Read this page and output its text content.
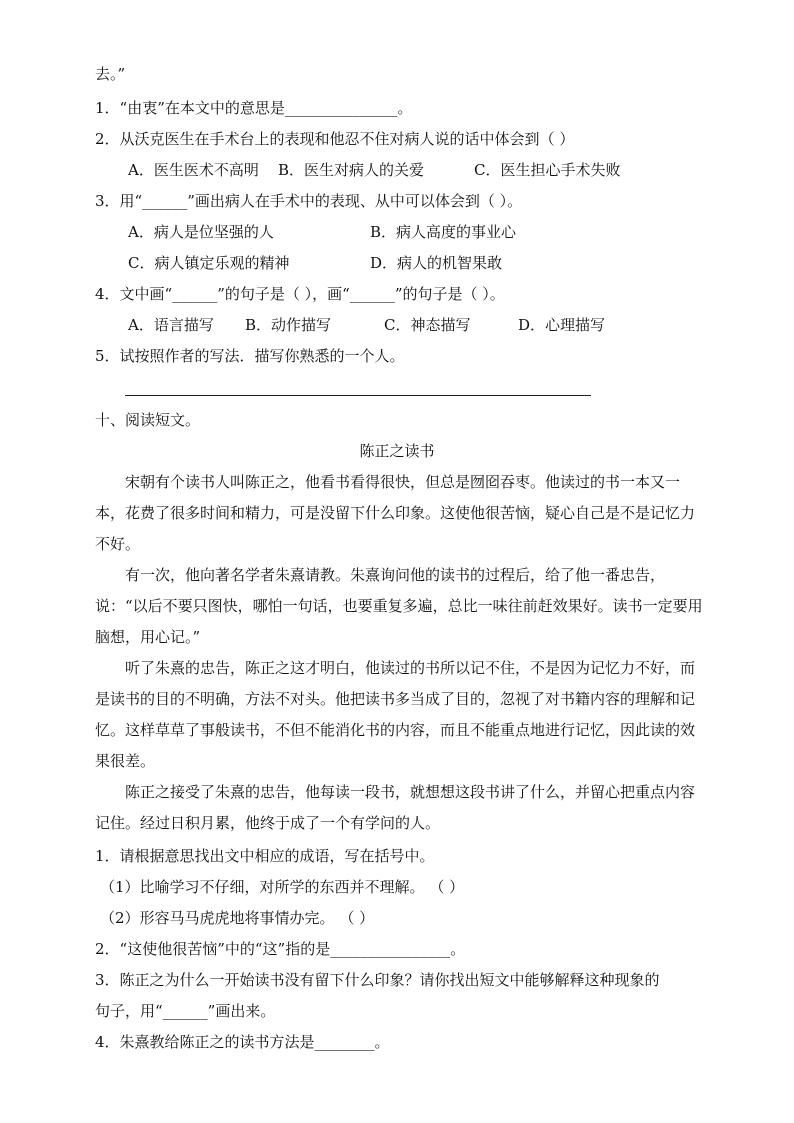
去。”
1．“由衷”在本文中的意思是_______________。
2．从沃克医生在手术台上的表现和他忍不住对病人说的话中体会到（ ）
A．医生医术不高明 B．医生对病人的关爱	C．医生担心手术失败
3．用“______”画出病人在手术中的表现、从中可以体会到（ ）。
A．病人是位坚强的人	B．病人高度的事业心
C．病人镇定乐观的精神	D．病人的机智果敢
4．文中画“______”的句子是（ ），画“______”的句子是（ ）。
A．语言描写 B．动作描写	C．神态描写	D．心理描写
5．试按照作者的写法．描写你熟悉的一个人。
十、阅读短文。
陈正之读书
宋朝有个读书人叫陈正之，他看书看得很快，但总是囫囵吞枣。他读过的书一本又一本，花费了很多时间和精力，可是没留下什么印象。这使他很苦恼，疑心自己是不是记忆力不好。
有一次，他向著名学者朱熹请教。朱熹询问他的读书的过程后，给了他一番忠告，说：“以后不要只图快，哪怕一句话，也要重复多遍，总比一味往前赶效果好。读书一定要用脑想，用心记。”
听了朱熹的忠告，陈正之这才明白，他读过的书所以记不住，不是因为记忆力不好，而是读书的目的不明确，方法不对头。他把读书多当成了目的，忽视了对书籍内容的理解和记忆。这样草草了事般读书，不但不能消化书的内容，而且不能重点地进行记忆，因此读的效果很差。
陈正之接受了朱熹的忠告，他每读一段书，就想想这段书讲了什么，并留心把重点内容记住。经过日积月累，他终于成了一个有学问的人。
1．请根据意思找出文中相应的成语，写在括号中。
（1）比喻学习不仔细，对所学的东西并不理解。 （ ）
（2）形容马马虎虎地将事情办完。 （ ）
2．“这使他很苦恼”中的“这”指的是________________。
3．陈正之为什么一开始读书没有留下什么印象？请你找出短文中能够解释这种现象的
句子，用“______”画出来。
4．朱熹教给陈正之的读书方法是________。
